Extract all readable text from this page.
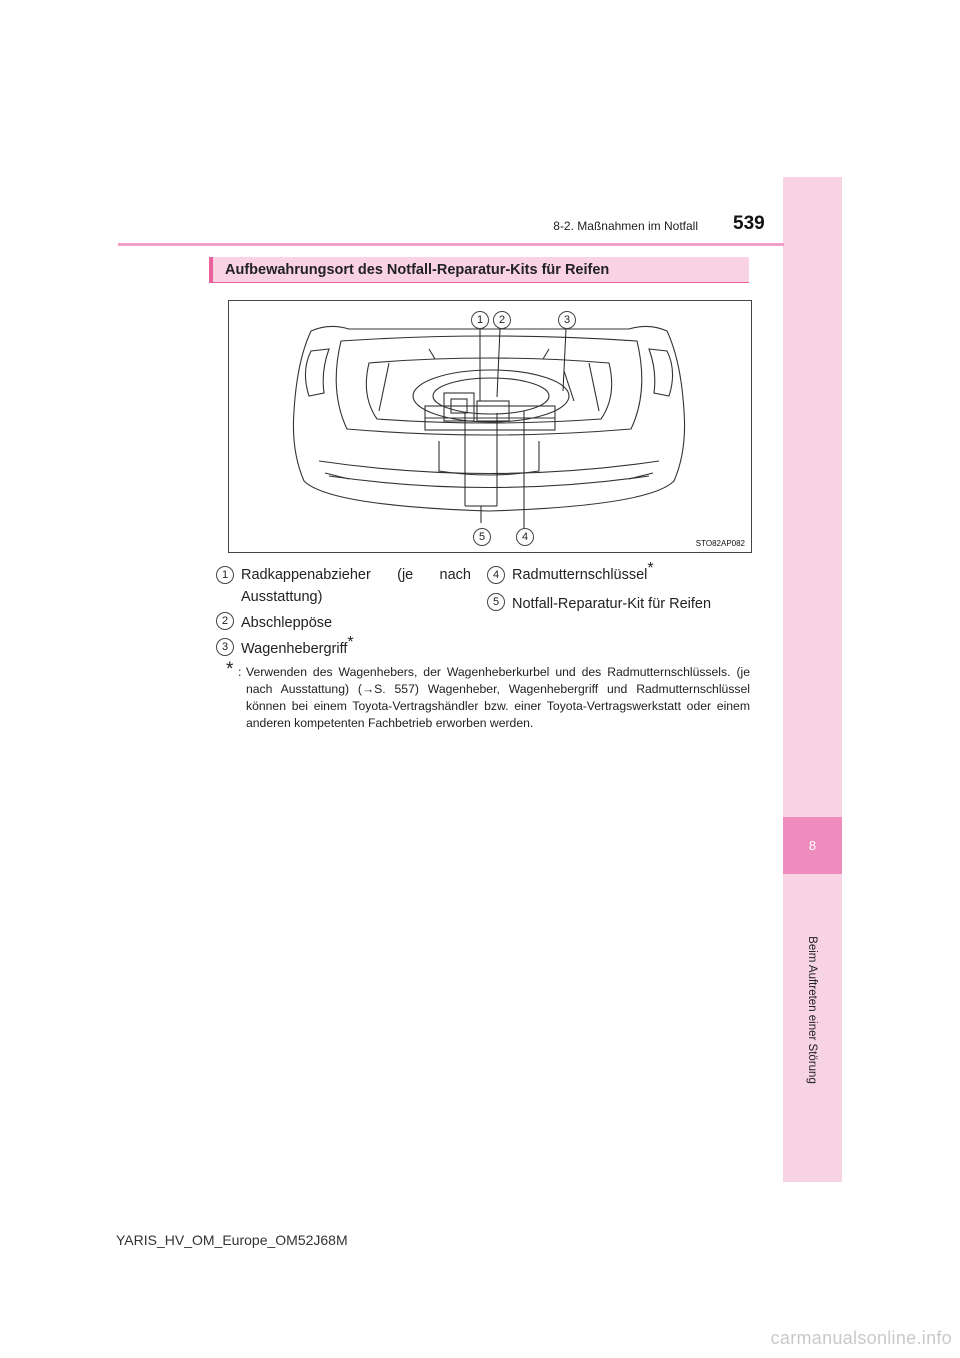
8
Beim Auftreten einer Störung
8-2. Maßnahmen im Notfall 539
Aufbewahrungsort des Notfall-Reparatur-Kits für Reifen
1	2	3
5	4
STO82AP082
1 Radkappenabzieher (je nach
Ausstattung)
2 Abschleppöse
3 Wagenhebergriff*
4 Radmutternschlüssel*
5 Notfall-Reparatur-Kit für Reifen
* : Verwenden des Wagenhebers, der Wagenheberkurbel und des Radmutternschlüssels. (je nach Ausstattung) (→S. 557) Wagenheber, Wagenhebergriff und Radmutternschlüssel können bei einem Toyota-Vertragshändler bzw. einer Toyota-Vertragswerkstatt oder einem anderen kompetenten Fachbetrieb erworben werden.
YARIS_HV_OM_Europe_OM52J68M
carmanualsonline.info
